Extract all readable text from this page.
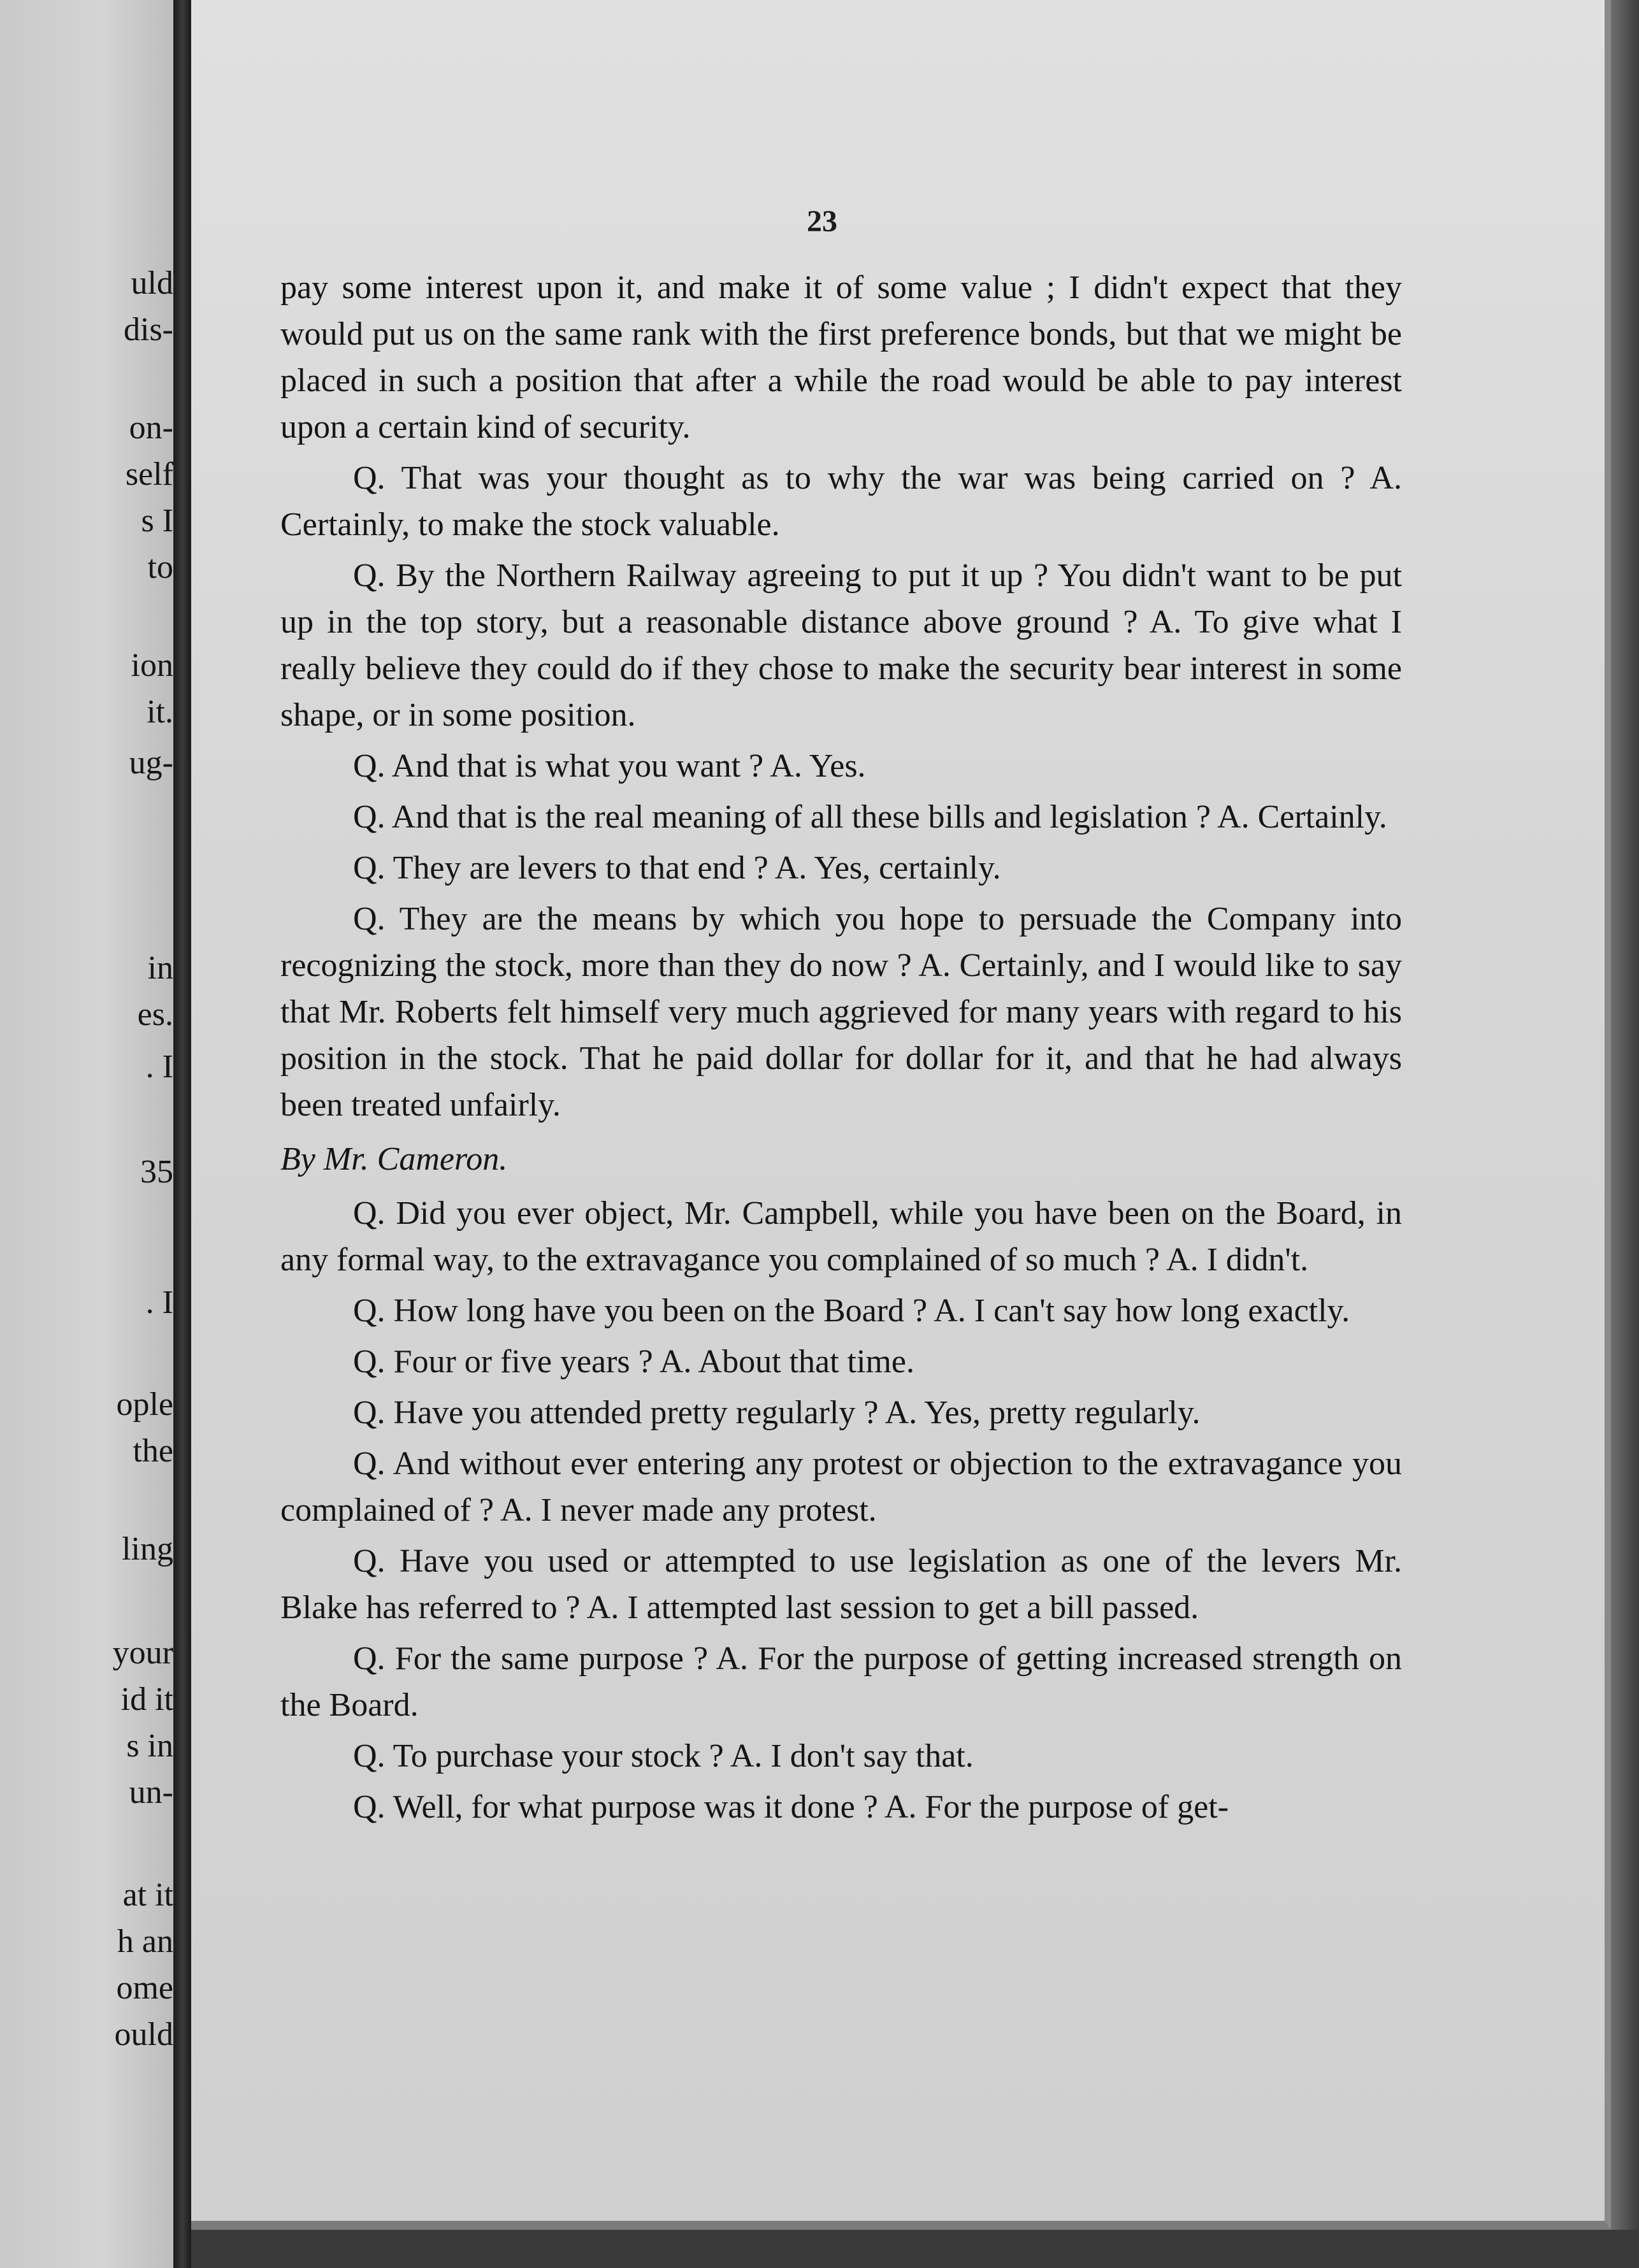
uld
dis-
on-
self
s I
to
ion
it.
ug-
in
es.
. I
35
. I
ople
the
ling
your
id it
s in
un-
at it
h an
ome
ould
23

pay some interest upon it, and make it of some value ; I didn't expect that they would put us on the same rank with the first preference bonds, but that we might be placed in such a position that after a while the road would be able to pay interest upon a certain kind of security.

Q. That was your thought as to why the war was being carried on ? A. Certainly, to make the stock valuable.

Q. By the Northern Railway agreeing to put it up ? You didn't want to be put up in the top story, but a reasonable distance above ground ? A. To give what I really believe they could do if they chose to make the security bear interest in some shape, or in some position.

Q. And that is what you want ? A. Yes.

Q. And that is the real meaning of all these bills and legislation ? A. Certainly.

Q. They are levers to that end ? A. Yes, certainly.

Q. They are the means by which you hope to persuade the Company into recognizing the stock, more than they do now ? A. Certainly, and I would like to say that Mr. Roberts felt himself very much aggrieved for many years with regard to his position in the stock. That he paid dollar for dollar for it, and that he had always been treated unfairly.

By Mr. Cameron.

Q. Did you ever object, Mr. Campbell, while you have been on the Board, in any formal way, to the extravagance you complained of so much ? A. I didn't.

Q. How long have you been on the Board ? A. I can't say how long exactly.

Q. Four or five years ? A. About that time.

Q. Have you attended pretty regularly ? A. Yes, pretty regularly.

Q. And without ever entering any protest or objection to the extravagance you complained of ? A. I never made any protest.

Q. Have you used or attempted to use legislation as one of the levers Mr. Blake has referred to ? A. I attempted last session to get a bill passed.

Q. For the same purpose ? A. For the purpose of getting increased strength on the Board.

Q. To purchase your stock ? A. I don't say that.

Q. Well, for what purpose was it done ? A. For the purpose of get-
